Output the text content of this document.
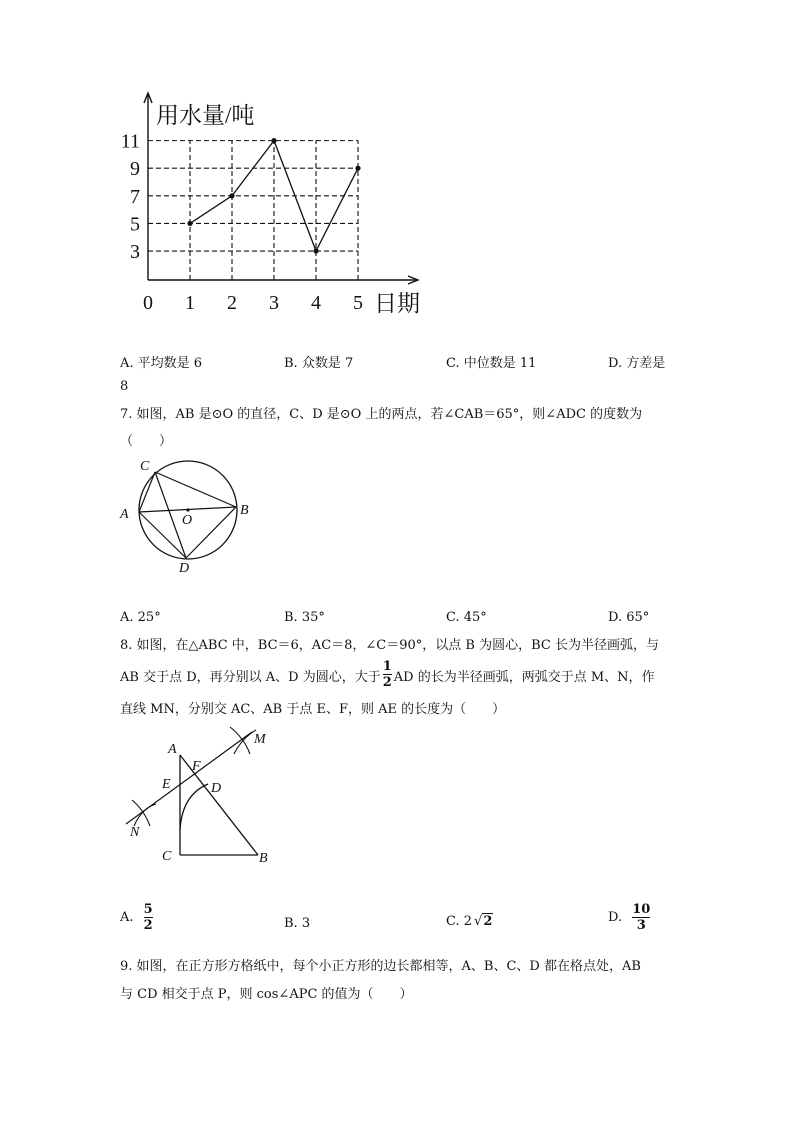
3
5
7
9
11
0 1 2 3 4 5
用水量/吨
日期
A. 平均数是 6	B. 众数是 7	C. 中位数是 11	D. 方差是
8
7. 如图，AB 是⊙O 的直径，C、D 是⊙O 上的两点，若∠CAB＝65°，则∠ADC 的度数为
（　　）
C
A	O
B
D
A. 25°	B. 35°	C. 45°	D. 65°
8. 如图，在△ABC 中，BC＝6，AC＝8，∠C＝90°，以点 B 为圆心，BC 长为半径画弧，与
AB 交于点 D，再分别以 A、D 为圆心，大于 $\frac{1}{2}$ AD 的长为半径画弧，两弧交于点 M、N，作
直线 MN，分别交 AC、AB 于点 E、F，则 AE 的长度为（　　）
A
E
F
D
M
N
C	B
A. $\frac{5}{2}$	B. 3	C. 2 √2	D. $\frac{10}{3}$
9. 如图，在正方形方格纸中，每个小正方形的边长都相等，A、B、C、D 都在格点处，AB
与 CD 相交于点 P，则 cos∠APC 的值为（　　）
